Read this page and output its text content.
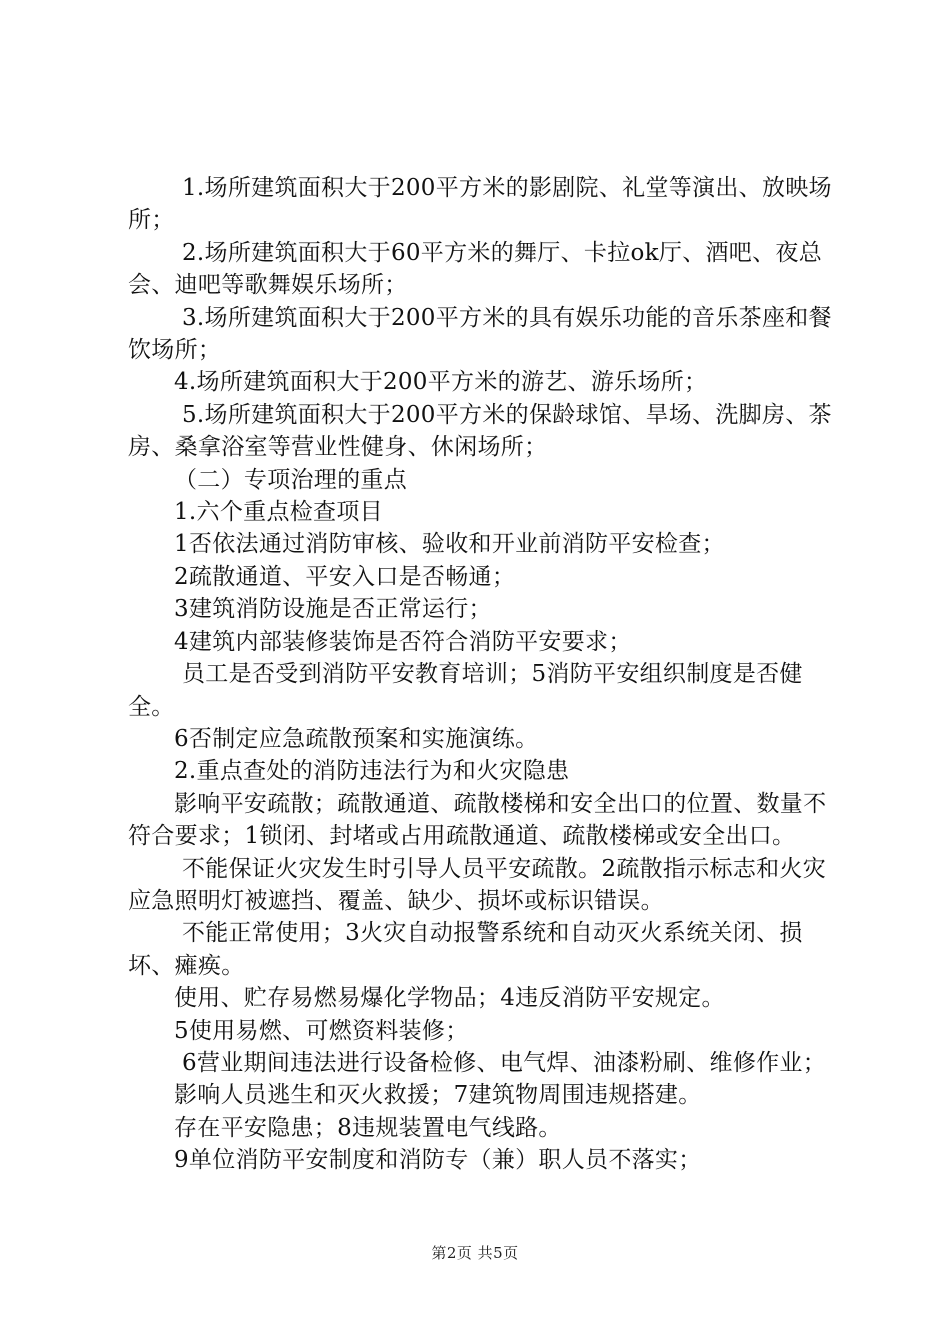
1.场所建筑面积大于200平方米的影剧院、礼堂等演出、放映场所；

2.场所建筑面积大于60平方米的舞厅、卡拉ok厅、酒吧、夜总会、迪吧等歌舞娱乐场所；

3.场所建筑面积大于200平方米的具有娱乐功能的音乐茶座和餐饮场所；

4.场所建筑面积大于200平方米的游艺、游乐场所；

5.场所建筑面积大于200平方米的保龄球馆、旱场、洗脚房、茶房、桑拿浴室等营业性健身、休闲场所；

（二）专项治理的重点

1.六个重点检查项目

1否依法通过消防审核、验收和开业前消防平安检查；

2疏散通道、平安入口是否畅通；

3建筑消防设施是否正常运行；

4建筑内部装修装饰是否符合消防平安要求；

员工是否受到消防平安教育培训；5消防平安组织制度是否健全。

6否制定应急疏散预案和实施演练。

2.重点查处的消防违法行为和火灾隐患

影响平安疏散；疏散通道、疏散楼梯和安全出口的位置、数量不符合要求；1锁闭、封堵或占用疏散通道、疏散楼梯或安全出口。

不能保证火灾发生时引导人员平安疏散。2疏散指示标志和火灾应急照明灯被遮挡、覆盖、缺少、损坏或标识错误。

不能正常使用；3火灾自动报警系统和自动灭火系统关闭、损坏、瘫痪。

使用、贮存易燃易爆化学物品；4违反消防平安规定。

5使用易燃、可燃资料装修；

6营业期间违法进行设备检修、电气焊、油漆粉刷、维修作业；

影响人员逃生和灭火救援；7建筑物周围违规搭建。

存在平安隐患；8违规装置电气线路。

9单位消防平安制度和消防专（兼）职人员不落实；

第2页 共5页
